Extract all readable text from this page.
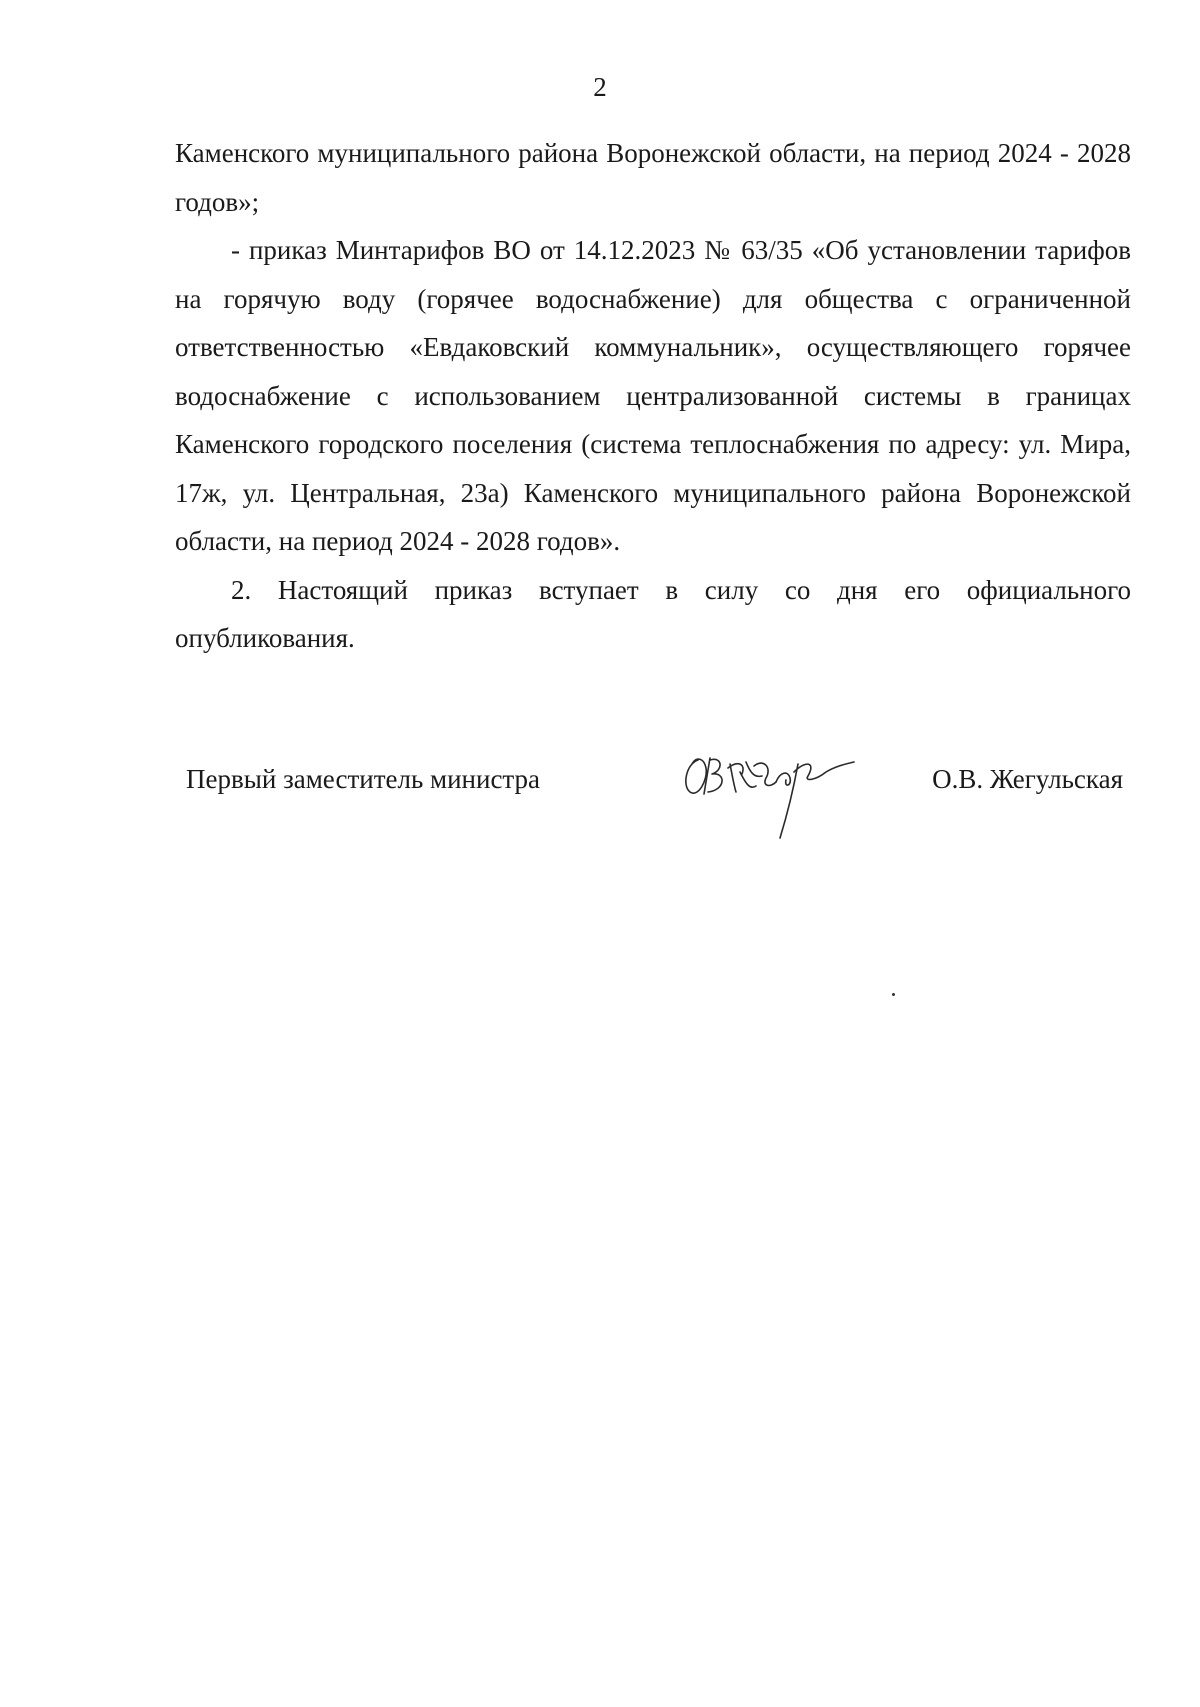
2

Каменского муниципального района Воронежской области, на период 2024 - 2028 годов»;

- приказ Минтарифов ВО от 14.12.2023 № 63/35 «Об установлении тарифов на горячую воду (горячее водоснабжение) для общества с ограниченной ответственностью «Евдаковский коммунальник», осуществляющего горячее водоснабжение с использованием централизованной системы в границах Каменского городского поселения (система теплоснабжения по адресу: ул. Мира, 17ж, ул. Центральная, 23а) Каменского муниципального района Воронежской области, на период 2024 - 2028 годов».

2. Настоящий приказ вступает в силу со дня его официального опубликования.

Первый заместитель министра	О.В. Жегульская
